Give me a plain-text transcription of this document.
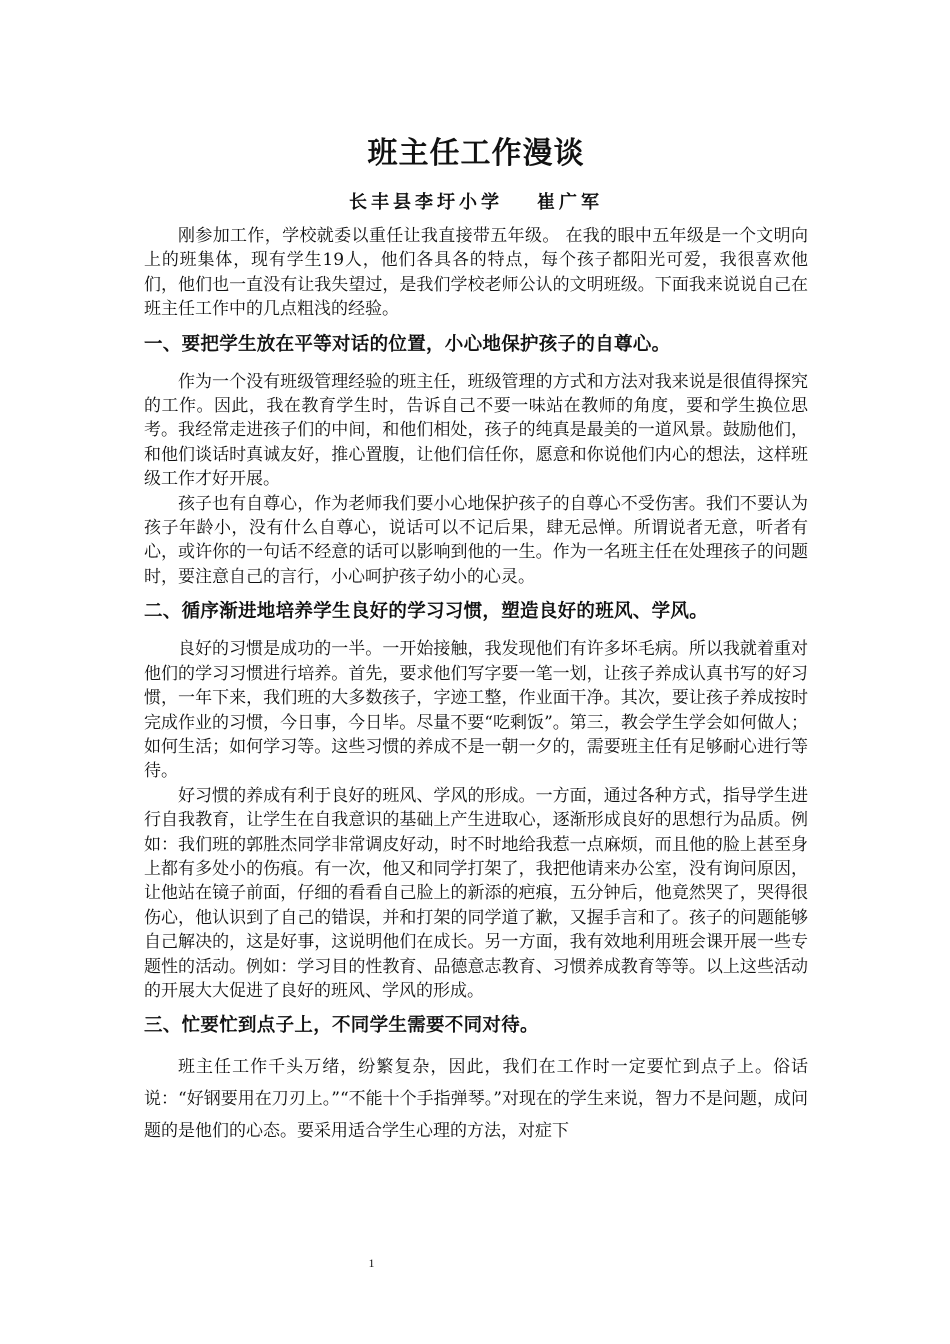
班主任工作漫谈
长丰县李圩小学 崔广军

刚参加工作，学校就委以重任让我直接带五年级。 在我的眼中五年级是一个文明向上的班集体，现有学生19人，他们各具各的特点，每个孩子都阳光可爱，我很喜欢他们，他们也一直没有让我失望过，是我们学校老师公认的文明班级。下面我来说说自己在班主任工作中的几点粗浅的经验。

一、要把学生放在平等对话的位置，小心地保护孩子的自尊心。

作为一个没有班级管理经验的班主任，班级管理的方式和方法对我来说是很值得探究的工作。因此，我在教育学生时，告诉自己不要一味站在教师的角度，要和学生换位思考。我经常走进孩子们的中间，和他们相处，孩子的纯真是最美的一道风景。鼓励他们，和他们谈话时真诚友好，推心置腹，让他们信任你，愿意和你说他们内心的想法，这样班级工作才好开展。

孩子也有自尊心，作为老师我们要小心地保护孩子的自尊心不受伤害。我们不要认为孩子年龄小，没有什么自尊心，说话可以不记后果，肆无忌惮。所谓说者无意，听者有心，或许你的一句话不经意的话可以影响到他的一生。作为一名班主任在处理孩子的问题时，要注意自己的言行，小心呵护孩子幼小的心灵。

二、循序渐进地培养学生良好的学习习惯，塑造良好的班风、学风。

良好的习惯是成功的一半。一开始接触，我发现他们有许多坏毛病。所以我就着重对他们的学习习惯进行培养。首先，要求他们写字要一笔一划，让孩子养成认真书写的好习惯，一年下来，我们班的大多数孩子，字迹工整，作业面干净。其次，要让孩子养成按时完成作业的习惯，今日事，今日毕。尽量不要“吃剩饭”。第三，教会学生学会如何做人；如何生活；如何学习等。这些习惯的养成不是一朝一夕的，需要班主任有足够耐心进行等待。

好习惯的养成有利于良好的班风、学风的形成。一方面，通过各种方式，指导学生进行自我教育，让学生在自我意识的基础上产生进取心，逐渐形成良好的思想行为品质。例如：我们班的郭胜杰同学非常调皮好动，时不时地给我惹一点麻烦，而且他的脸上甚至身上都有多处小的伤痕。有一次，他又和同学打架了，我把他请来办公室，没有询问原因，让他站在镜子前面，仔细的看看自己脸上的新添的疤痕，五分钟后，他竟然哭了，哭得很伤心，他认识到了自己的错误，并和打架的同学道了歉，又握手言和了。孩子的问题能够自己解决的，这是好事，这说明他们在成长。另一方面，我有效地利用班会课开展一些专题性的活动。例如：学习目的性教育、品德意志教育、习惯养成教育等等。以上这些活动的开展大大促进了良好的班风、学风的形成。

三、忙要忙到点子上，不同学生需要不同对待。

班主任工作千头万绪，纷繁复杂，因此，我们在工作时一定要忙到点子上。俗话说：“好钢要用在刀刃上。”“不能十个手指弹琴。”对现在的学生来说，智力不是问题，成问题的是他们的心态。要采用适合学生心理的方法，对症下

1
